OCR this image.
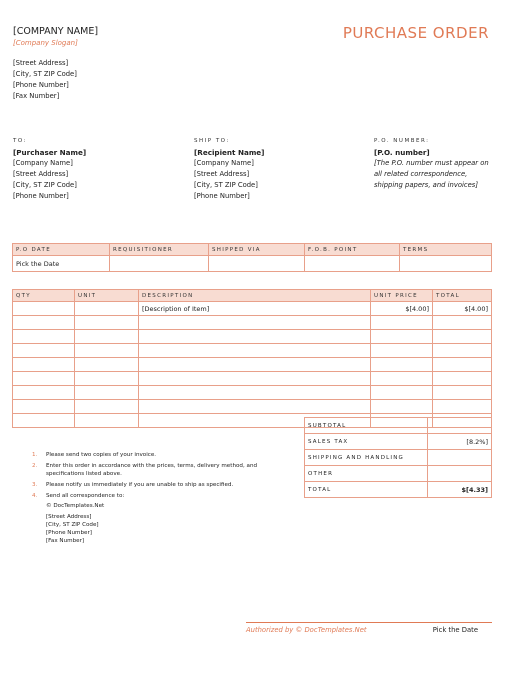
[COMPANY NAME]
[Company Slogan]
[Street Address]
[City, ST ZIP Code]
[Phone Number]
[Fax Number]
PURCHASE ORDER
TO:
[Purchaser Name]
[Company Name]
[Street Address]
[City, ST ZIP Code]
[Phone Number]
SHIP TO:
[Recipient Name]
[Company Name]
[Street Address]
[City, ST ZIP Code]
[Phone Number]
P.O. NUMBER:
[P.O. number]
[The P.O. number must appear on all related correspondence, shipping papers, and invoices]
P.O DATE	REQUISITIONER	SHIPPED VIA	F.O.B. POINT	TERMS
Pick the Date				
QTY	UNIT	DESCRIPTION	UNIT PRICE	TOTAL
		[Description of Item]	$[4.00]	$[4.00]

SUBTOTAL	
SALES TAX	[8.2%]
SHIPPING AND HANDLING	
OTHER	
TOTAL	$[4.33]
1. Please send two copies of your invoice.
2. Enter this order in accordance with the prices, terms, delivery method, and specifications listed above.
3. Please notify us immediately if you are unable to ship as specified.
4. Send all correspondence to:
© DocTemplates.Net
[Street Address]
[City, ST ZIP Code]
[Phone Number]
[Fax Number]
Authorized by © DocTemplates.Net	Pick the Date
